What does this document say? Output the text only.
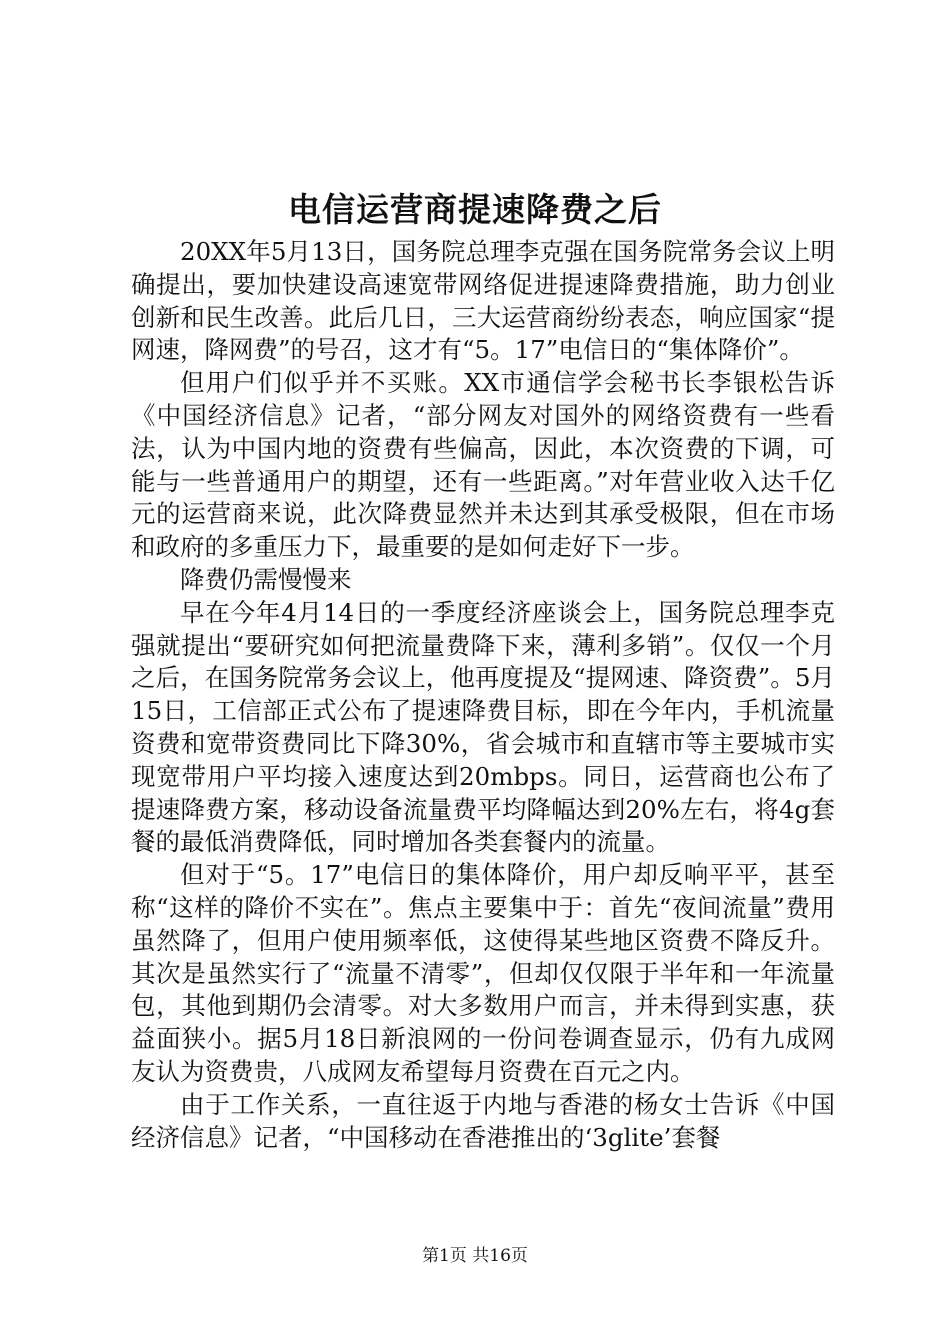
电信运营商提速降费之后

20XX年5月13日，国务院总理李克强在国务院常务会议上明确提出，要加快建设高速宽带网络促进提速降费措施，助力创业创新和民生改善。此后几日，三大运营商纷纷表态，响应国家“提网速，降网费”的号召，这才有“5。17”电信日的“集体降价”。

但用户们似乎并不买账。XX市通信学会秘书长李银松告诉《中国经济信息》记者，“部分网友对国外的网络资费有一些看法，认为中国内地的资费有些偏高，因此，本次资费的下调，可能与一些普通用户的期望，还有一些距离。”对年营业收入达千亿元的运营商来说，此次降费显然并未达到其承受极限，但在市场和政府的多重压力下，最重要的是如何走好下一步。

降费仍需慢慢来

早在今年4月14日的一季度经济座谈会上，国务院总理李克强就提出“要研究如何把流量费降下来，薄利多销”。仅仅一个月之后，在国务院常务会议上，他再度提及“提网速、降资费”。5月15日，工信部正式公布了提速降费目标，即在今年内，手机流量资费和宽带资费同比下降30%，省会城市和直辖市等主要城市实现宽带用户平均接入速度达到20mbps。同日，运营商也公布了提速降费方案，移动设备流量费平均降幅达到20%左右，将4g套餐的最低消费降低，同时增加各类套餐内的流量。

但对于“5。17”电信日的集体降价，用户却反响平平，甚至称“这样的降价不实在”。焦点主要集中于：首先“夜间流量”费用虽然降了，但用户使用频率低，这使得某些地区资费不降反升。其次是虽然实行了“流量不清零”，但却仅仅限于半年和一年流量包，其他到期仍会清零。对大多数用户而言，并未得到实惠，获益面狭小。据5月18日新浪网的一份问卷调查显示，仍有九成网友认为资费贵，八成网友希望每月资费在百元之内。

由于工作关系，一直往返于内地与香港的杨女士告诉《中国经济信息》记者，“中国移动在香港推出的‘3glite’套餐

第1页 共16页
